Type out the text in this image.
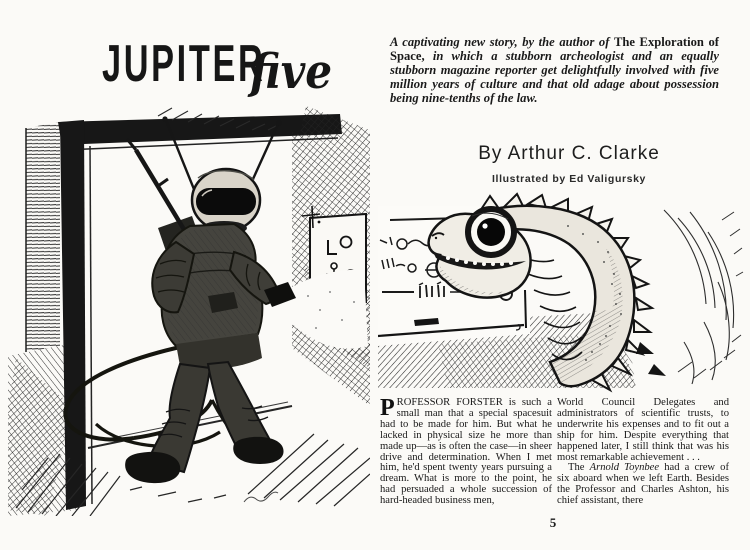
JUPITER
five
A captivating new story, by the author of The Exploration of Space, in which a stubborn archeologist and an equally stubborn magazine reporter get delightfully involved with five million years of culture and that old adage about possession being nine-tenths of the law.
By Arthur C. Clarke
Illustrated by Ed Valigursky

PROFESSOR FORSTER is such a small man that a special spacesuit had to be made for him. But what he lacked in physical size he more than made up—as is often the case—in sheer drive and determination. When I met him, he'd spent twenty years pursuing a dream. What is more to the point, he had persuaded a whole succession of hard-headed business men,

World Council Delegates and administrators of scientific trusts, to underwrite his expenses and to fit out a ship for him. Despite everything that happened later, I still think that was his most remarkable achievement . . .

The Arnold Toynbee had a crew of six aboard when we left Earth. Besides the Professor and Charles Ashton, his chief assistant, there

5
